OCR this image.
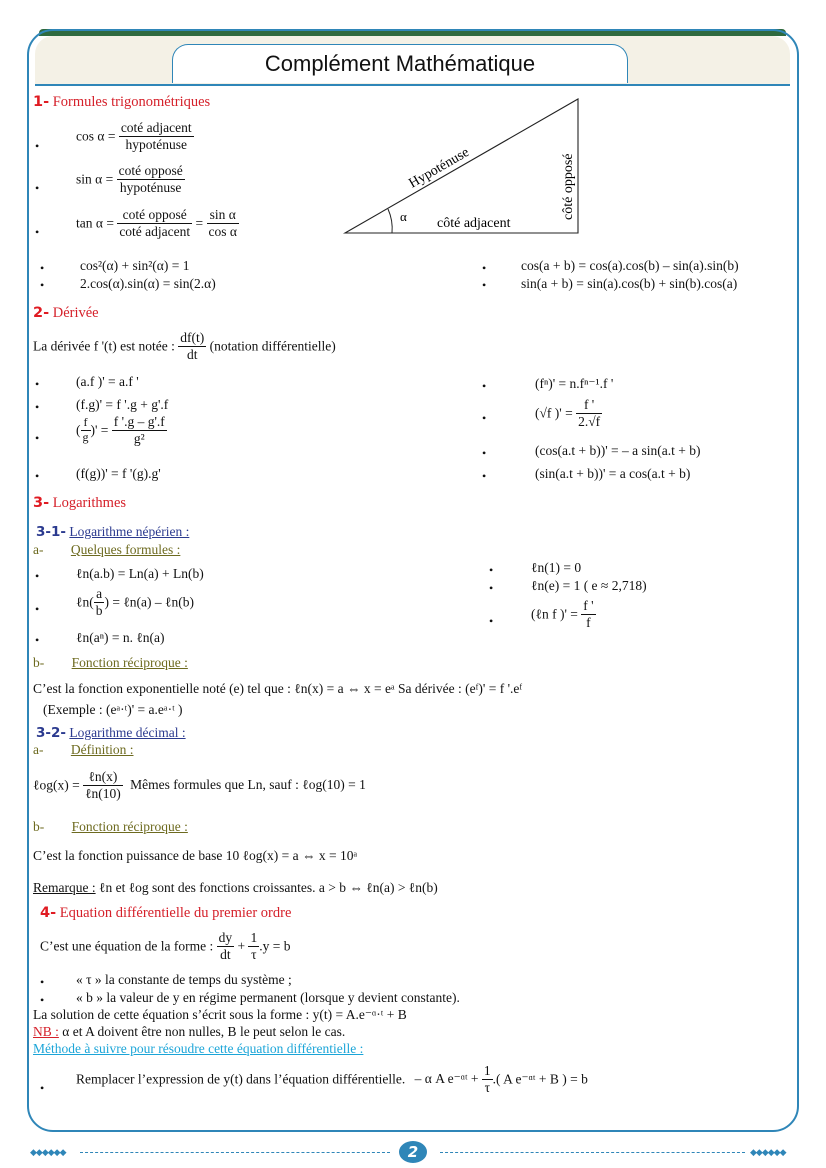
Complément Mathématique
1- Formules trigonométriques
•
$\cos \alpha = \frac{\text{coté adjacent}}{\text{hypoténuse}}$
•
$\sin \alpha = \frac{\text{coté opposé}}{\text{hypoténuse}}$
•
$\tan \alpha = \frac{\text{coté opposé}}{\text{coté adjacent}} = \frac{\text{sin α}}{\text{cos α}}$
•	cos²(α) + sin²(α) = 1
•	2.cos(α).sin(α) = sin(2.α)
•	cos(a + b) = cos(a).cos(b) – sin(a).sin(b)
•	sin(a + b) = sin(a).cos(b) + sin(b).cos(a)
α
Hypoténuse	côté opposé
côté adjacent
2- Dérivée
La dérivée f '(t) est notée : $\frac{df(t)}{dt}$ (notation différentielle)
•	(a.f )' = a.f '
•	(f.g)' = f '.g + g'.f
•
( $\frac{f}{g}$ )' = $\frac{f '.g - g'.f}{\text{g²}}$
•	(f(g))' = f '(g).g'
•	(fⁿ)' = n.fⁿ⁻¹.f '
•	(√f )' = $\frac{f '}{2.√f}$
•	(cos(a.t + b))' = – a sin(a.t + b)
•	(sin(a.t + b))' = a cos(a.t + b)
3- Logarithmes
3-1- Logarithme népérien :
a- Quelques formules :
•	ℓn(a.b) = Ln(a) + Ln(b)
•	ℓn( $\frac{a}{b}$ ) = ℓn(a) – ℓn(b)
•	ℓn(aⁿ) = n. ℓn(a)
•	ℓn(1) = 0
•	ℓn(e) = 1 ( e ≈ 2,718)
•	(ℓn f )' = $\frac{f '}{f}$
b- Fonction réciproque :
C’est la fonction exponentielle noté (e) tel que : ℓn(x) = a ⇔ x = eᵃ Sa dérivée : (eᶠ)' = f '.eᶠ
(Exemple : (eᵃ·ᵗ)' = a.eᵃ·ᵗ )
3-2- Logarithme décimal :
a- Définition :
ℓog(x) = $\frac{\text{ℓn(x)}}{\text{ℓn(10)}}$ Mêmes formules que Ln, sauf : ℓog(10) = 1
b- Fonction réciproque :
C’est la fonction puissance de base 10 ℓog(x) = a ⇔ x = 10ᵃ
Remarque : ℓn et ℓog sont des fonctions croissantes. a > b ⇔ ℓn(a) > ℓn(b)
4- Equation différentielle du premier ordre
C’est une équation de la forme : $\frac{dy}{dt} + \frac{1}{\tau} .y = b$
• « τ » la constante de temps du système ;
• « b » la valeur de y en régime permanent (lorsque y devient constante).
La solution de cette équation s’écrit sous la forme : y(t) = A.e⁻ᵅ·ᵗ + B
NB : α et A doivent être non nulles, B le peut selon le cas.
Méthode à suivre pour résoudre cette équation différentielle :
•
Remplacer l’expression de y(t) dans l’équation différentielle. – α A e⁻ᵅᵗ + $\frac{1}{\tau}$ .( A e⁻ᵅᵗ + B ) = b
◆◆◆◆◆◆	2	◆◆◆◆◆◆
